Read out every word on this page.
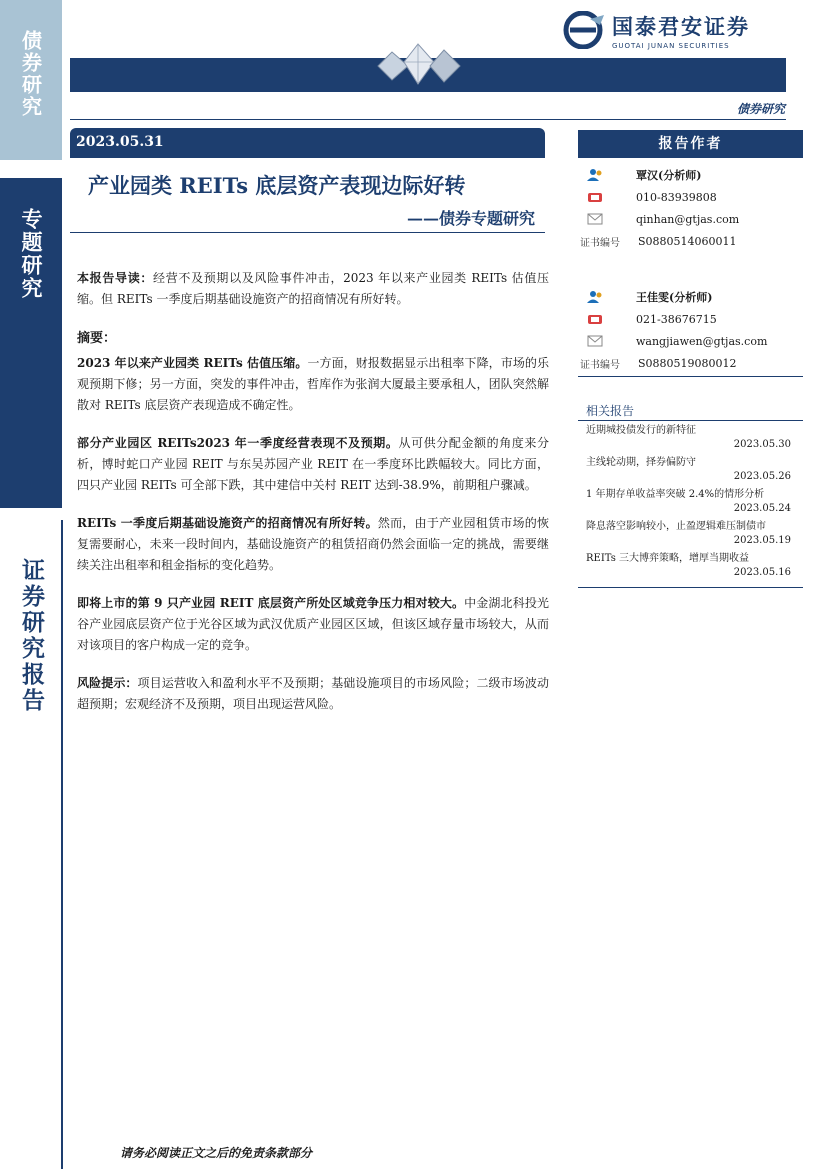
债券研究
专题研究
证券研究报告
国泰君安证券
GUOTAI JUNAN SECURITIES
债券研究
2023.05.31
产业园类 REITs 底层资产表现边际好转
——债券专题研究

本报告导读：经营不及预期以及风险事件冲击，2023 年以来产业园类 REITs 估值压缩。但 REITs 一季度后期基础设施资产的招商情况有所好转。

摘要：

2023 年以来产业园类 REITs 估值压缩。一方面，财报数据显示出租率下降，市场的乐观预期下修；另一方面，突发的事件冲击，哲库作为张润大厦最主要承租人，团队突然解散对 REITs 底层资产表现造成不确定性。

部分产业园区 REITs2023 年一季度经营表现不及预期。从可供分配金额的角度来分析，博时蛇口产业园 REIT 与东吴苏园产业 REIT 在一季度环比跌幅较大。同比方面，四只产业园 REITs 可全部下跌，其中建信中关村 REIT 达到-38.9%，前期租户骤减。

REITs 一季度后期基础设施资产的招商情况有所好转。然而，由于产业园租赁市场的恢复需要耐心，未来一段时间内，基础设施资产的租赁招商仍然会面临一定的挑战，需要继续关注出租率和租金指标的变化趋势。

即将上市的第 9 只产业园 REIT 底层资产所处区域竞争压力相对较大。中金湖北科投光谷产业园底层资产位于光谷区域为武汉优质产业园区区域，但该区域存量市场较大，从而对该项目的客户构成一定的竞争。

风险提示：项目运营收入和盈利水平不及预期；基础设施项目的市场风险；二级市场波动超预期；宏观经济不及预期，项目出现运营风险。

报告作者
覃汉(分析师)
010-83939808
qinhan@gtjas.com
证书编号	S0880514060011
王佳雯(分析师)
021-38676715
wangjiawen@gtjas.com
证书编号	S0880519080012
相关报告
近期城投债发行的新特征
2023.05.30
主线轮动期，择券偏防守
2023.05.26
1 年期存单收益率突破 2.4%的情形分析
2023.05.24
降息落空影响较小，止盈逻辑难压制债市
2023.05.19
REITs 三大博弈策略，增厚当期收益
2023.05.16
请务必阅读正文之后的免责条款部分
